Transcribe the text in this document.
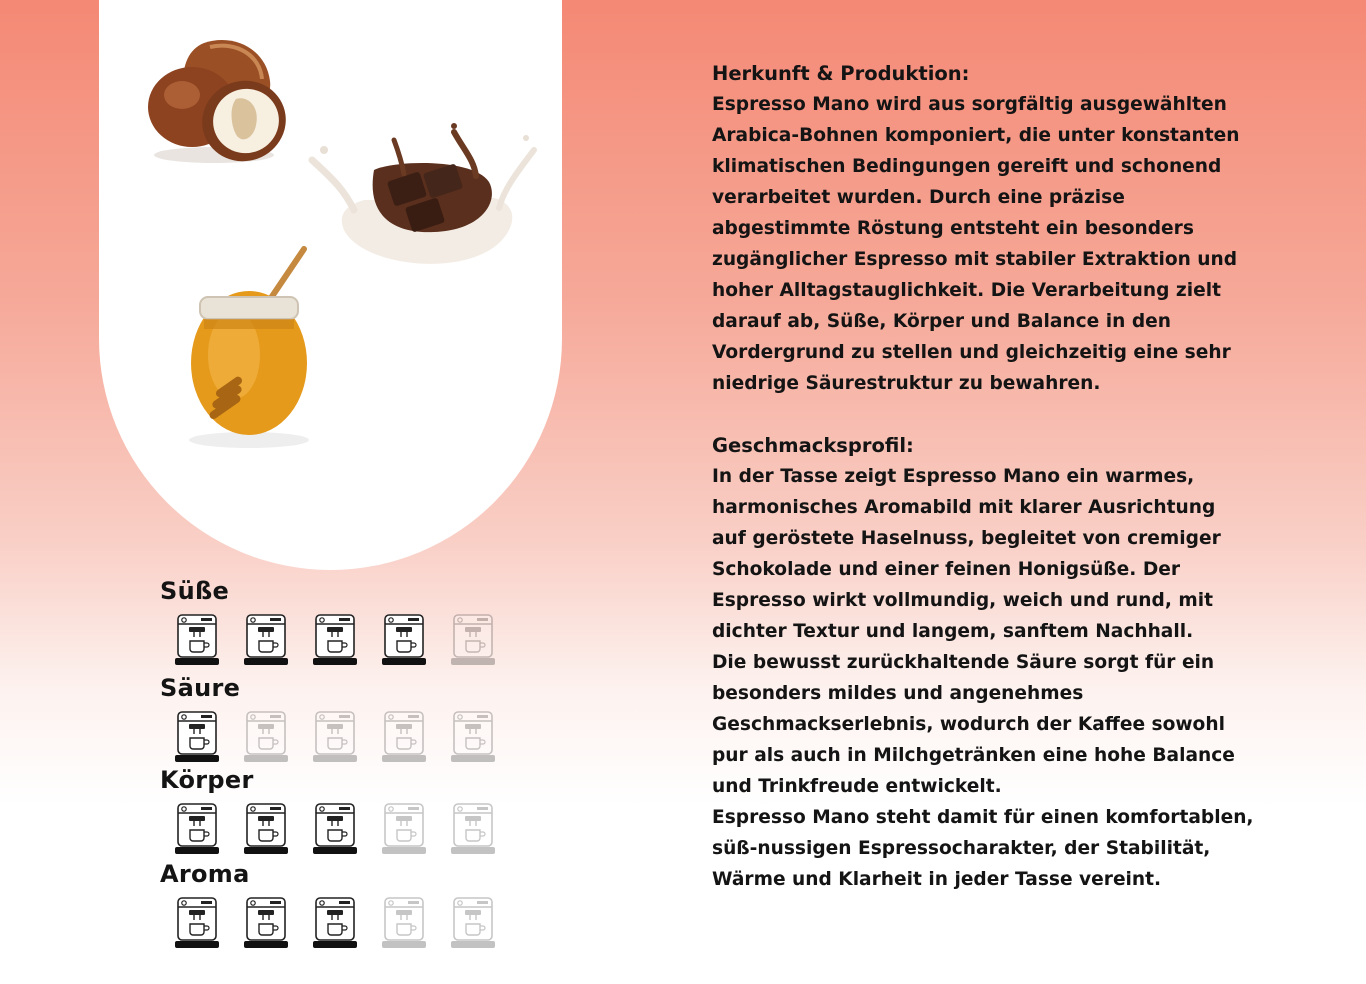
Herkunft & Produktion:
Espresso Mano wird aus sorgfältig ausgewählten
Arabica-Bohnen komponiert, die unter konstanten
klimatischen Bedingungen gereift und schonend
verarbeitet wurden. Durch eine präzise
abgestimmte Röstung entsteht ein besonders
zugänglicher Espresso mit stabiler Extraktion und
hoher Alltagstauglichkeit. Die Verarbeitung zielt
darauf ab, Süße, Körper und Balance in den
Vordergrund zu stellen und gleichzeitig eine sehr
niedrige Säurestruktur zu bewahren.
Geschmacksprofil:
In der Tasse zeigt Espresso Mano ein warmes,
harmonisches Aromabild mit klarer Ausrichtung
auf geröstete Haselnuss, begleitet von cremiger
Schokolade und einer feinen Honigsüße. Der
Espresso wirkt vollmundig, weich und rund, mit
dichter Textur und langem, sanftem Nachhall.
Die bewusst zurückhaltende Säure sorgt für ein
besonders mildes und angenehmes
Geschmackserlebnis, wodurch der Kaffee sowohl
pur als auch in Milchgetränken eine hohe Balance
und Trinkfreude entwickelt.
Espresso Mano steht damit für einen komfortablen,
süß-nussigen Espressocharakter, der Stabilität,
Wärme und Klarheit in jeder Tasse vereint.
Süße
Säure
Körper
Aroma
